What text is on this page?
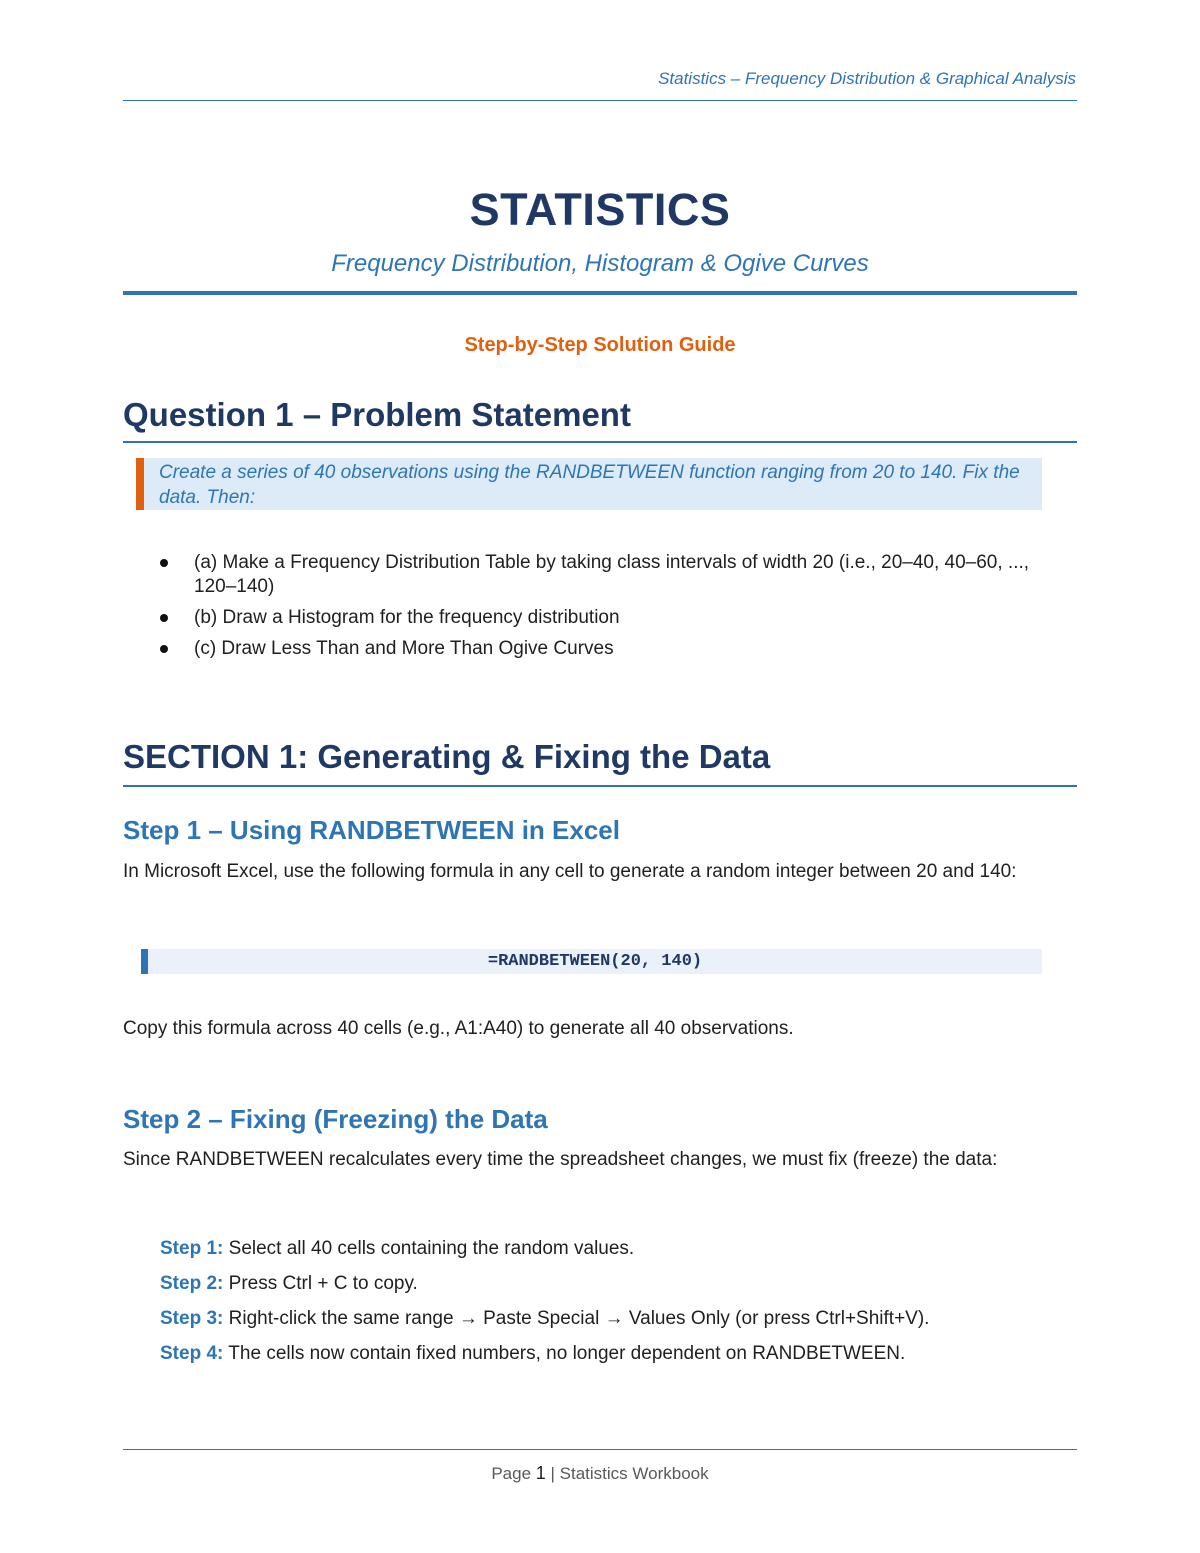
Statistics – Frequency Distribution & Graphical Analysis
STATISTICS
Frequency Distribution, Histogram & Ogive Curves
Step-by-Step Solution Guide
Question 1 – Problem Statement
Create a series of 40 observations using the RANDBETWEEN function ranging from 20 to 140. Fix the data. Then:
(a) Make a Frequency Distribution Table by taking class intervals of width 20 (i.e., 20–40, 40–60, ..., 120–140)
(b) Draw a Histogram for the frequency distribution
(c) Draw Less Than and More Than Ogive Curves
SECTION 1: Generating & Fixing the Data
Step 1 – Using RANDBETWEEN in Excel
In Microsoft Excel, use the following formula in any cell to generate a random integer between 20 and 140:
=RANDBETWEEN(20, 140)
Copy this formula across 40 cells (e.g., A1:A40) to generate all 40 observations.
Step 2 – Fixing (Freezing) the Data
Since RANDBETWEEN recalculates every time the spreadsheet changes, we must fix (freeze) the data:
Step 1: Select all 40 cells containing the random values.
Step 2: Press Ctrl + C to copy.
Step 3: Right-click the same range → Paste Special → Values Only (or press Ctrl+Shift+V).
Step 4: The cells now contain fixed numbers, no longer dependent on RANDBETWEEN.
Page 1 | Statistics Workbook
